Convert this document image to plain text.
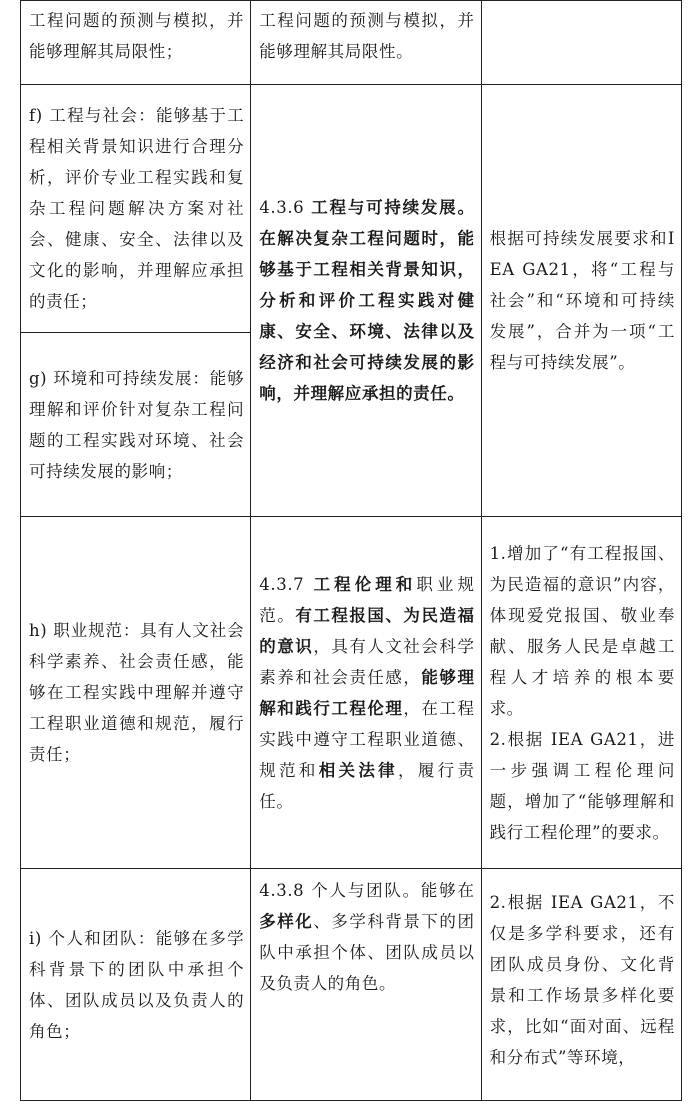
工程问题的预测与模拟，并能够理解其局限性；	工程问题的预测与模拟，并能够理解其局限性。	
f) 工程与社会：能够基于工程相关背景知识进行合理分析，评价专业工程实践和复杂工程问题解决方案对社会、健康、安全、法律以及文化的影响，并理解应承担的责任；	4.3.6 工程与可持续发展。在解决复杂工程问题时，能够基于工程相关背景知识，分析和评价工程实践对健康、安全、环境、法律以及经济和社会可持续发展的影响，并理解应承担的责任。	根据可持续发展要求和IEA GA21，将“工程与社会”和“环境和可持续发展”，合并为一项“工程与可持续发展”。
g) 环境和可持续发展：能够理解和评价针对复杂工程问题的工程实践对环境、社会可持续发展的影响；		
h) 职业规范：具有人文社会科学素养、社会责任感，能够在工程实践中理解并遵守工程职业道德和规范，履行责任；	4.3.7 工程伦理和职业规范。有工程报国、为民造福的意识，具有人文社会科学素养和社会责任感，能够理解和践行工程伦理，在工程实践中遵守工程职业道德、规范和相关法律，履行责任。	1.增加了“有工程报国、为民造福的意识”内容，体现爱党报国、敬业奉献、服务人民是卓越工程人才培养的根本要求。
2.根据 IEA GA21，进一步强调工程伦理问题，增加了“能够理解和践行工程伦理”的要求。

i) 个人和团队：能够在多学科背景下的团队中承担个体、团队成员以及负责人的角色；	4.3.8 个人与团队。能够在多样化、多学科背景下的团队中承担个体、团队成员以及负责人的角色。	2.根据 IEA GA21，不仅是多学科要求，还有团队成员身份、文化背景和工作场景多样化要求，比如“面对面、远程和分布式”等环境，
